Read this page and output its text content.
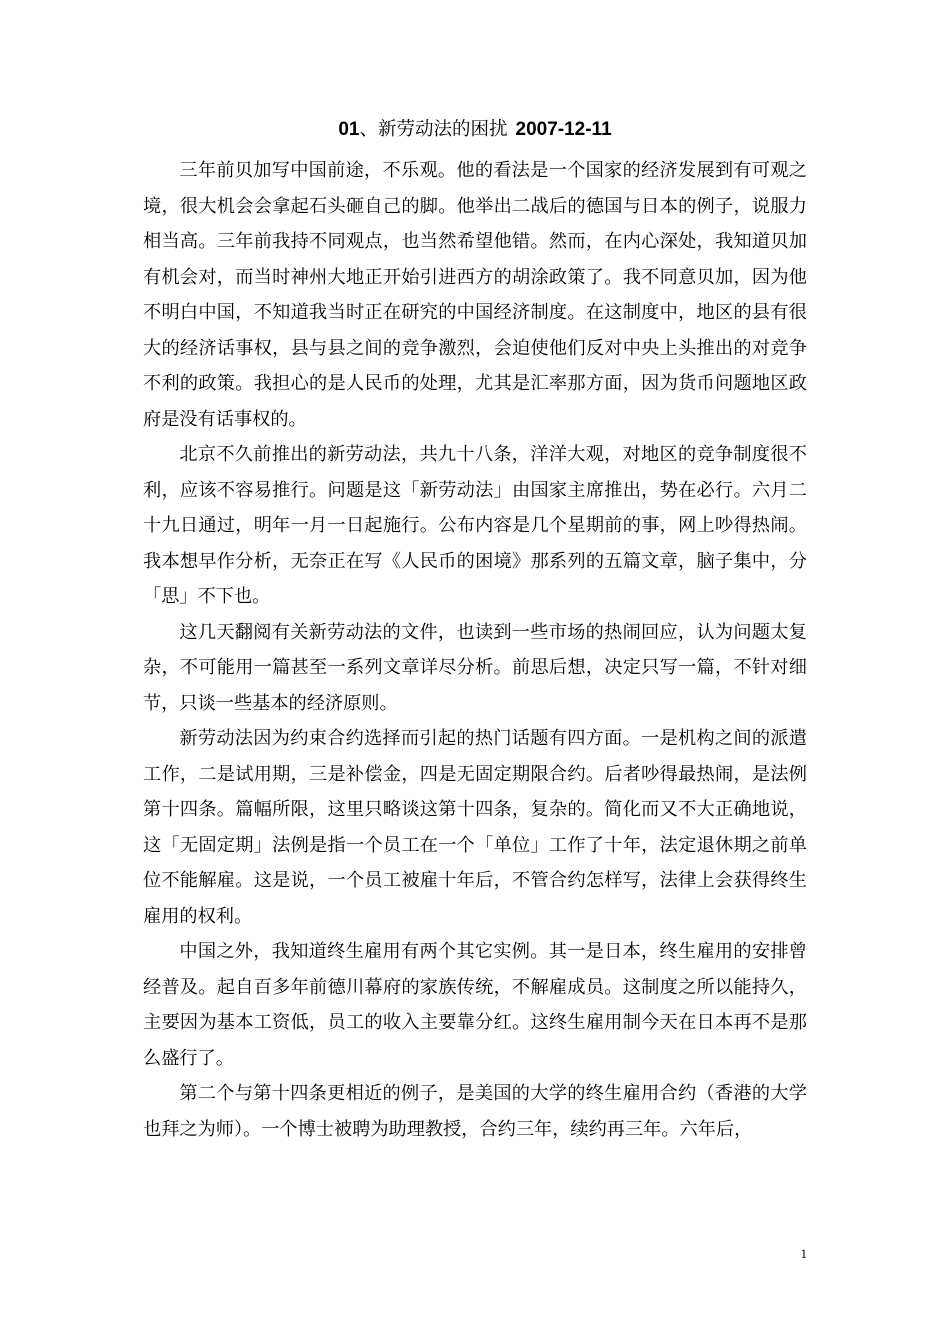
01、新劳动法的困扰 2007-12-11

三年前贝加写中国前途，不乐观。他的看法是一个国家的经济发展到有可观之境，很大机会会拿起石头砸自己的脚。他举出二战后的德国与日本的例子，说服力相当高。三年前我持不同观点，也当然希望他错。然而，在内心深处，我知道贝加有机会对，而当时神州大地正开始引进西方的胡涂政策了。我不同意贝加，因为他不明白中国，不知道我当时正在研究的中国经济制度。在这制度中，地区的县有很大的经济话事权，县与县之间的竞争激烈，会迫使他们反对中央上头推出的对竞争不利的政策。我担心的是人民币的处理，尤其是汇率那方面，因为货币问题地区政府是没有话事权的。

北京不久前推出的新劳动法，共九十八条，洋洋大观，对地区的竞争制度很不利，应该不容易推行。问题是这「新劳动法」由国家主席推出，势在必行。六月二十九日通过，明年一月一日起施行。公布内容是几个星期前的事，网上吵得热闹。我本想早作分析，无奈正在写《人民币的困境》那系列的五篇文章，脑子集中，分「思」不下也。

这几天翻阅有关新劳动法的文件，也读到一些市场的热闹回应，认为问题太复杂，不可能用一篇甚至一系列文章详尽分析。前思后想，决定只写一篇，不针对细节，只谈一些基本的经济原则。

新劳动法因为约束合约选择而引起的热门话题有四方面。一是机构之间的派遣工作，二是试用期，三是补偿金，四是无固定期限合约。后者吵得最热闹，是法例第十四条。篇幅所限，这里只略谈这第十四条，复杂的。简化而又不大正确地说，这「无固定期」法例是指一个员工在一个「单位」工作了十年，法定退休期之前单位不能解雇。这是说，一个员工被雇十年后，不管合约怎样写，法律上会获得终生雇用的权利。

中国之外，我知道终生雇用有两个其它实例。其一是日本，终生雇用的安排曾经普及。起自百多年前德川幕府的家族传统，不解雇成员。这制度之所以能持久，主要因为基本工资低，员工的收入主要靠分红。这终生雇用制今天在日本再不是那么盛行了。

第二个与第十四条更相近的例子，是美国的大学的终生雇用合约（香港的大学也拜之为师）。一个博士被聘为助理教授，合约三年，续约再三年。六年后，

1
